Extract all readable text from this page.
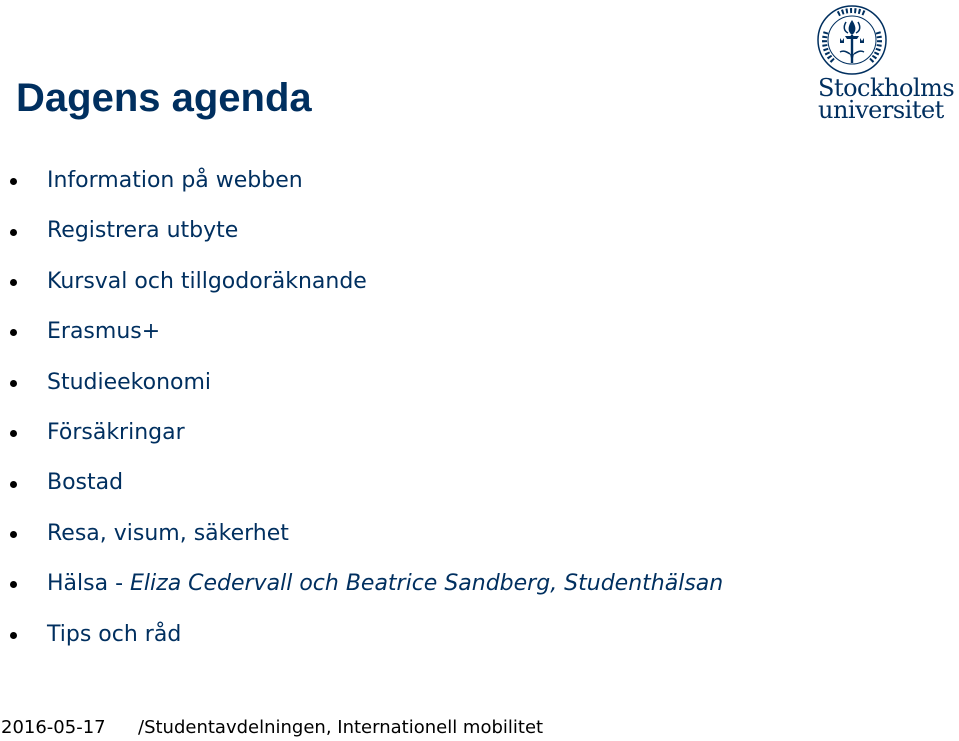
Dagens agenda	Stockholms
universitet
Information på webben
Registrera utbyte
Kursval och tillgodoräknande
Erasmus+
Studieekonomi
Försäkringar
Bostad
Resa, visum, säkerhet
Hälsa - Eliza Cedervall och Beatrice Sandberg, Studenthälsan
Tips och råd
2016-05-17 /Studentavdelningen, Internationell mobilitet
